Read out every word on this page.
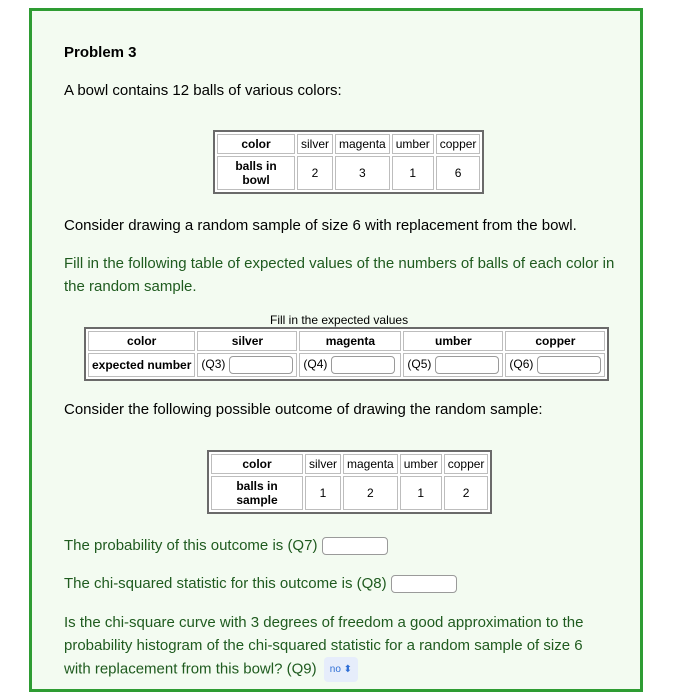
Problem 3
A bowl contains 12 balls of various colors:
color	silver	magenta	umber	copper
balls in bowl	2	3	1	6
Consider drawing a random sample of size 6 with replacement from the bowl.
Fill in the following table of expected values of the numbers of balls of each color in the random sample.
Fill in the expected values
color	silver	magenta	umber	copper
expected number	(Q3)	(Q4)	(Q5)	(Q6)
Consider the following possible outcome of drawing the random sample:
color	silver	magenta	umber	copper
balls in sample	1	2	1	2
The probability of this outcome is (Q7)
The chi-squared statistic for this outcome is (Q8)
Is the chi-square curve with 3 degrees of freedom a good approximation to the probability histogram of the chi-squared statistic for a random sample of size 6 with replacement from this bowl? (Q9) no ⬍
